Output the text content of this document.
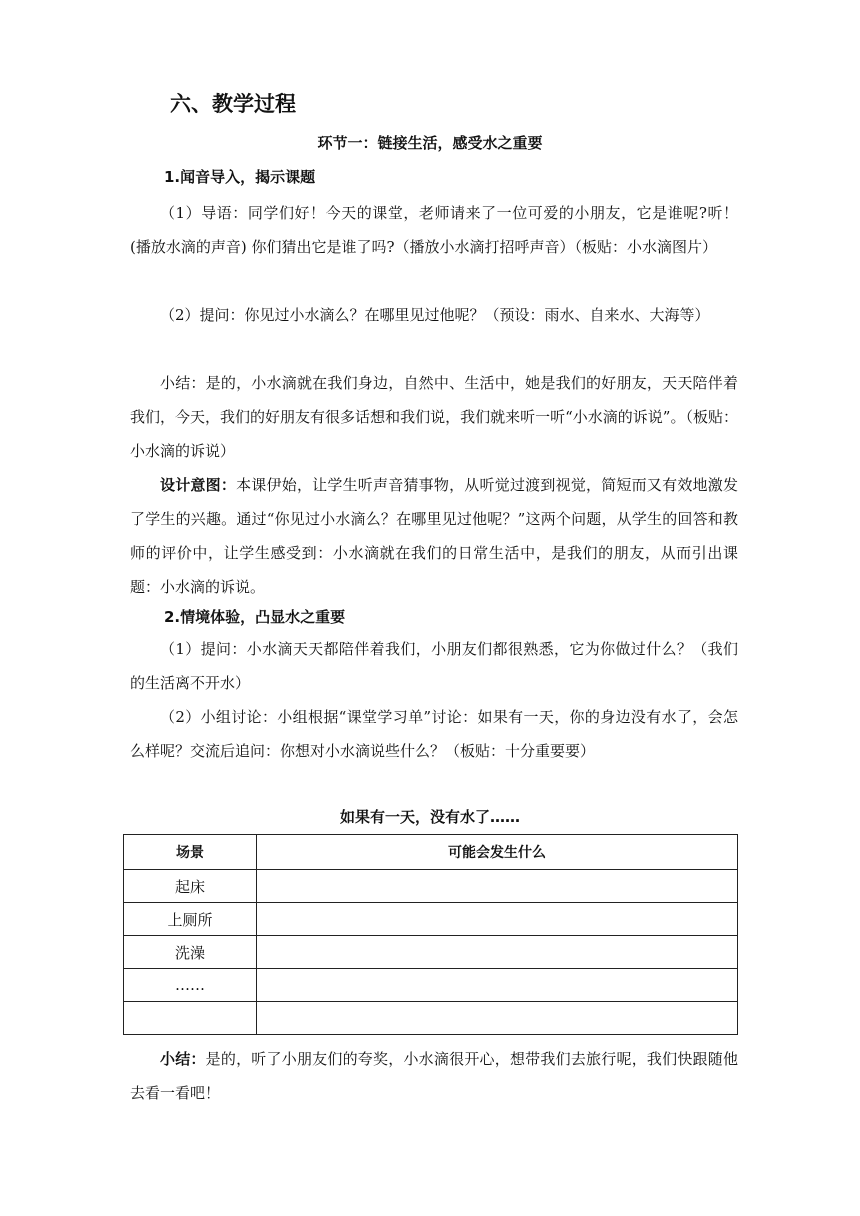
六、教学过程
环节一：链接生活，感受水之重要
1.闻音导入，揭示课题
（1）导语：同学们好！今天的课堂，老师请来了一位可爱的小朋友，它是谁呢?听！(播放水滴的声音) 你们猜出它是谁了吗?（播放小水滴打招呼声音）（板贴：小水滴图片）
（2）提问：你见过小水滴么？在哪里见过他呢？（预设：雨水、自来水、大海等）
小结：是的，小水滴就在我们身边，自然中、生活中，她是我们的好朋友，天天陪伴着我们，今天，我们的好朋友有很多话想和我们说，我们就来听一听“小水滴的诉说”。（板贴：小水滴的诉说）
设计意图：本课伊始，让学生听声音猜事物，从听觉过渡到视觉，简短而又有效地激发了学生的兴趣。通过“你见过小水滴么？在哪里见过他呢？”这两个问题，从学生的回答和教师的评价中，让学生感受到：小水滴就在我们的日常生活中，是我们的朋友，从而引出课题：小水滴的诉说。
2.情境体验，凸显水之重要
（1）提问：小水滴天天都陪伴着我们，小朋友们都很熟悉，它为你做过什么？（我们的生活离不开水）
（2）小组讨论：小组根据“课堂学习单”讨论：如果有一天，你的身边没有水了，会怎么样呢？交流后追问：你想对小水滴说些什么？（板贴：十分重要要）
如果有一天，没有水了……
场景	可能会发生什么
起床	
上厕所	
洗澡	
……	

小结：是的，听了小朋友们的夸奖，小水滴很开心，想带我们去旅行呢，我们快跟随他去看一看吧！
